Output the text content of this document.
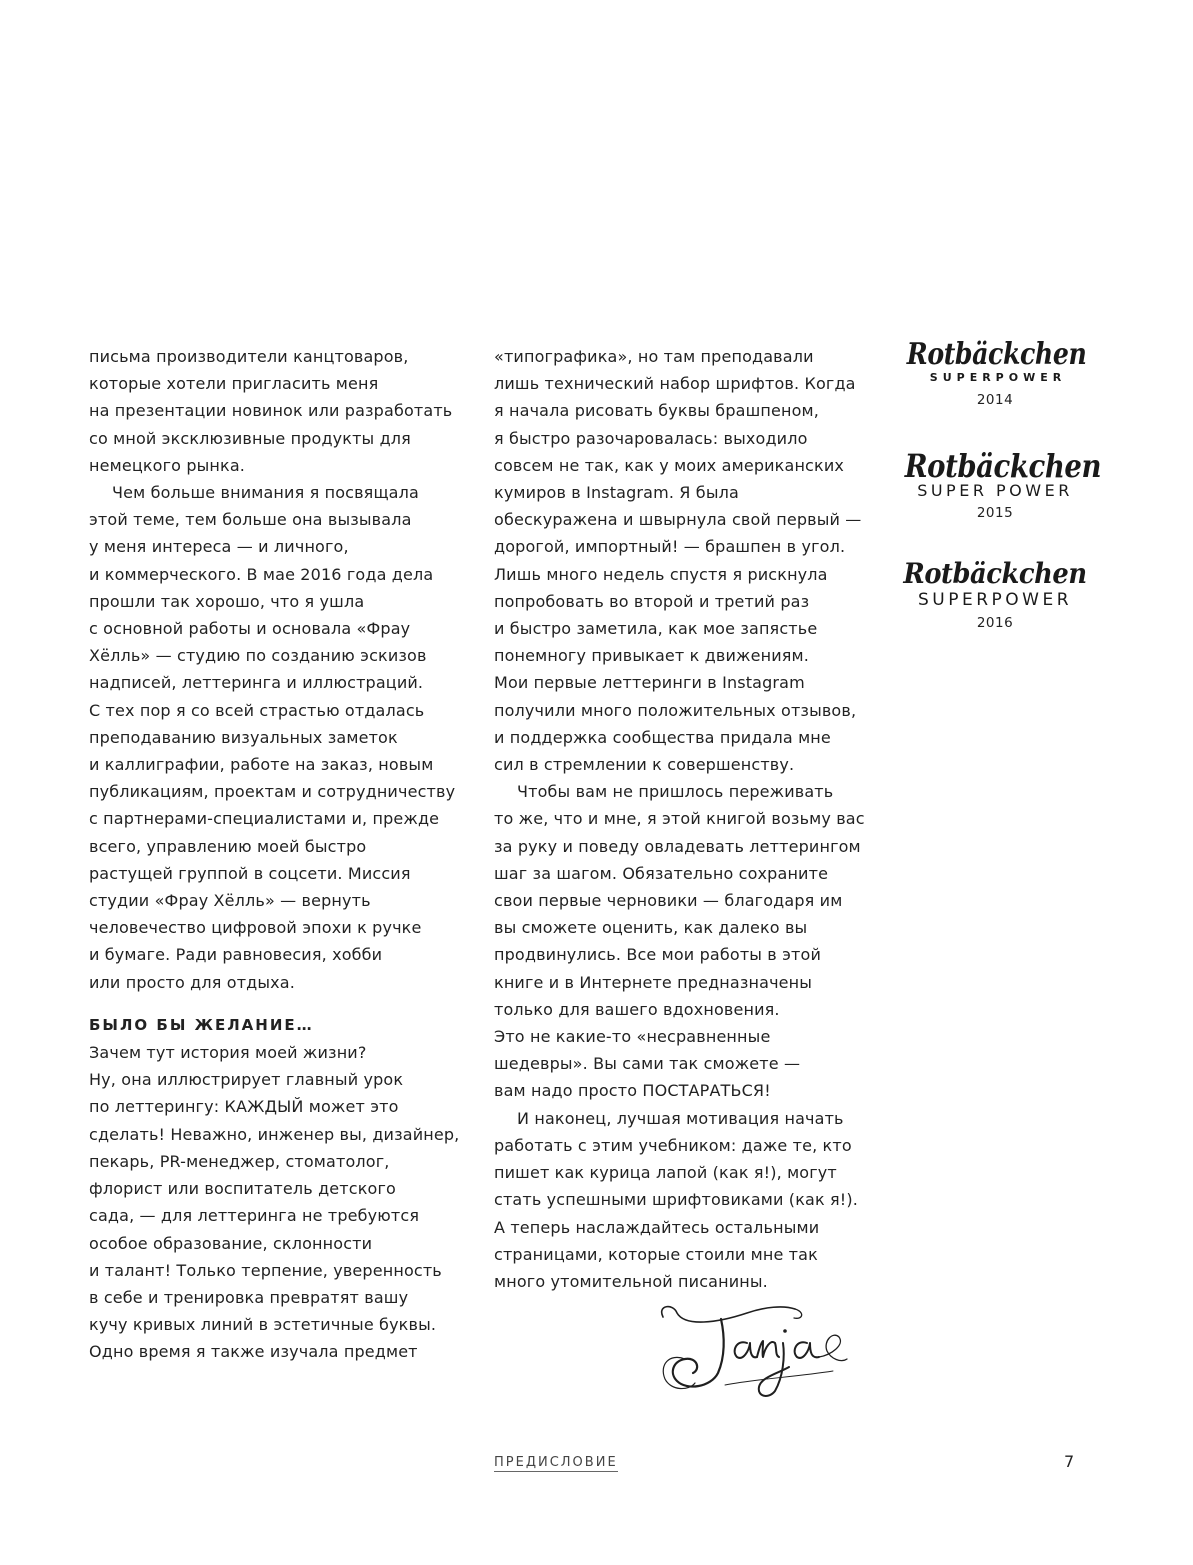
письма производители канцтоваров,
которые хотели пригласить меня
на презентации новинок или разработать
со мной эксклюзивные продукты для
немецкого рынка.
Чем больше внимания я посвящала
этой теме, тем больше она вызывала
у меня интереса — и личного,
и коммерческого. В мае 2016 года дела
прошли так хорошо, что я ушла
с основной работы и основала «Фрау
Хёлль» — студию по созданию эскизов
надписей, леттеринга и иллюстраций.
С тех пор я со всей страстью отдалась
преподаванию визуальных заметок
и каллиграфии, работе на заказ, новым
публикациям, проектам и сотрудничеству
с партнерами-специалистами и, прежде
всего, управлению моей быстро
растущей группой в соцсети. Миссия
студии «Фрау Хёлль» — вернуть
человечество цифровой эпохи к ручке
и бумаге. Ради равновесия, хобби
или просто для отдыха.
БЫЛО БЫ ЖЕЛАНИЕ…
Зачем тут история моей жизни?
Ну, она иллюстрирует главный урок
по леттерингу: КАЖДЫЙ может это
сделать! Неважно, инженер вы, дизайнер,
пекарь, PR-менеджер, стоматолог,
флорист или воспитатель детского
сада, — для леттеринга не требуются
особое образование, склонности
и талант! Только терпение, уверенность
в себе и тренировка превратят вашу
кучу кривых линий в эстетичные буквы.
Одно время я также изучала предмет
«типографика», но там преподавали
лишь технический набор шрифтов. Когда
я начала рисовать буквы брашпеном,
я быстро разочаровалась: выходило
совсем не так, как у моих американских
кумиров в Instagram. Я была
обескуражена и швырнула свой первый —
дорогой, импортный! — брашпен в угол.
Лишь много недель спустя я рискнула
попробовать во второй и третий раз
и быстро заметила, как мое запястье
понемногу привыкает к движениям.
Мои первые леттеринги в Instagram
получили много положительных отзывов,
и поддержка сообщества придала мне
сил в стремлении к совершенству.
Чтобы вам не пришлось переживать
то же, что и мне, я этой книгой возьму вас
за руку и поведу овладевать леттерингом
шаг за шагом. Обязательно сохраните
свои первые черновики — благодаря им
вы сможете оценить, как далеко вы
продвинулись. Все мои работы в этой
книге и в Интернете предназначены
только для вашего вдохновения.
Это не какие-то «несравненные
шедевры». Вы сами так сможете —
вам надо просто ПОСТАРАТЬСЯ!
И наконец, лучшая мотивация начать
работать с этим учебником: даже те, кто
пишет как курица лапой (как я!), могут
стать успешными шрифтовиками (как я!).
А теперь наслаждайтесь остальными
страницами, которые стоили мне так
много утомительной писанины.
Rotbäckchen
SUPERPOWER
2014
Rotbäckchen
SUPER POWER
2015
Rotbäckchen
SUPERPOWER
2016
ПРЕДИСЛОВИЕ	7
